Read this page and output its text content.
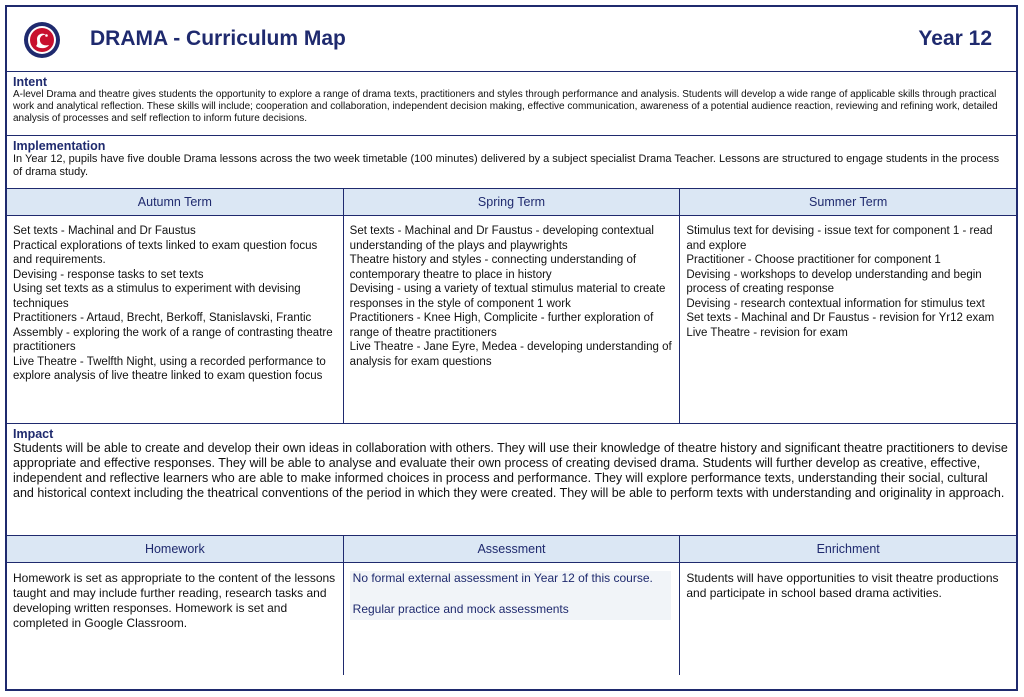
DRAMA - Curriculum Map	Year 12
Intent
A-level Drama and theatre gives students the opportunity to explore a range of drama texts, practitioners and styles through performance and analysis. Students will develop a wide range of applicable skills through practical work and analytical reflection. These skills will include; cooperation and collaboration, independent decision making, effective communication, awareness of a potential audience reaction, reviewing and refining work, detailed analysis of processes and self reflection to inform future decisions.
Implementation
In Year 12, pupils have five double Drama lessons across the two week timetable (100 minutes) delivered by a subject specialist Drama Teacher. Lessons are structured to engage students in the process of drama study.
Autumn Term
Set texts - Machinal and Dr Faustus
Practical explorations of texts linked to exam question focus and requirements.
Devising - response tasks to set texts
Using set texts as a stimulus to experiment with devising techniques
Practitioners - Artaud, Brecht, Berkoff, Stanislavski, Frantic Assembly - exploring the work of a range of contrasting theatre practitioners
Live Theatre - Twelfth Night, using a recorded performance to explore analysis of live theatre linked to exam question focus
Spring Term
Set texts - Machinal and Dr Faustus - developing contextual understanding of the plays and playwrights
Theatre history and styles - connecting understanding of contemporary theatre to place in history
Devising - using a variety of textual stimulus material to create responses in the style of component 1 work
Practitioners - Knee High, Complicite - further exploration of range of theatre practitioners
Live Theatre - Jane Eyre, Medea - developing understanding of analysis for exam questions
Summer Term
Stimulus text for devising - issue text for component 1 - read and explore
Practitioner - Choose practitioner for component 1
Devising - workshops to develop understanding and begin process of creating response
Devising - research contextual information for stimulus text
Set texts - Machinal and Dr Faustus - revision for Yr12 exam
Live Theatre - revision for exam
Impact
Students will be able to create and develop their own ideas in collaboration with others. They will use their knowledge of theatre history and significant theatre practitioners to devise appropriate and effective responses. They will be able to analyse and evaluate their own process of creating devised drama. Students will further develop as creative, effective, independent and reflective learners who are able to make informed choices in process and performance. They will explore performance texts, understanding their social, cultural and historical context including the theatrical conventions of the period in which they were created. They will be able to perform texts with understanding and originality in approach.
Homework
Homework is set as appropriate to the content of the lessons taught and may include further reading, research tasks and developing written responses. Homework is set and completed in Google Classroom.
Assessment
No formal external assessment in Year 12 of this course.
Regular practice and mock assessments
Enrichment
Students will have opportunities to visit theatre productions and participate in school based drama activities.
